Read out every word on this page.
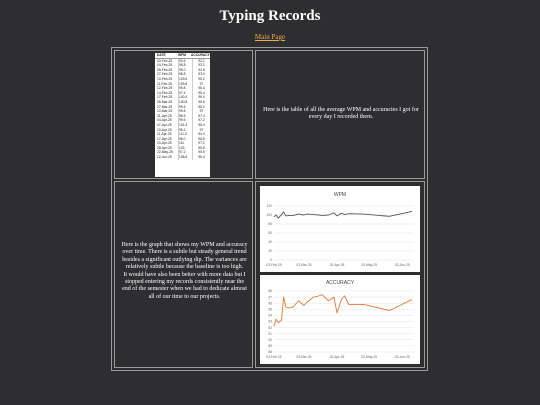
Typing Records
Main Page
DATE	WPM	ACCURACY
03-Feb-25	93.6	92.2
04-Feb-25	98.8	93.2
05-Feb-25	99.0	92.8
07-Feb-25	98.8	93.4
10-Feb-25	103.6	95.2
11-Feb-25	109.6	97
12-Feb-25	95.8	95.4
14-Feb-25	97.4	95.4
17-Feb-25	100.4	96.4
26-Mar-25	100.8	95.6
27-Mar-25	99.6	95.2
10-Mar-25	99.8	97
31-Apr-25	96.5	97.4
04-Apr-25	99.6	97.2
07-Apr-25	101.4	96.4
10-Apr-25	96.2	97
11-Apr-25	111.3	94.4
17-Apr-25	96.0	96.6
20-Apr-25	111	97.2
28-Apr-25	103	95.8
22-May-25	97.2	95.8
12-Jun-25	108.6	96.4
Here is the table of all the average WPM and accuracies I got for every day I recorded them.
Here is the graph that shows my WPM and accuracy over time. There is a subtle but steady general trend besides a significant outlying dip. The variances are relatively subtle because the baseline is too high.
It would have also been better with more data but I stopped entering my records consistently near the end of the semester when we had to dedicate almost all of our time to our projects.
WPM
0
20
40
60
80
100
120
03-Feb-25	03-Mar-25	03-Apr-25	03-May-25	03-Jun-25
ACCURACY
88
89
90
91
92
93
94
95
96
97
98
03-Feb-25	03-Mar-25	03-Apr-25	03-May-25	03-Jun-25
